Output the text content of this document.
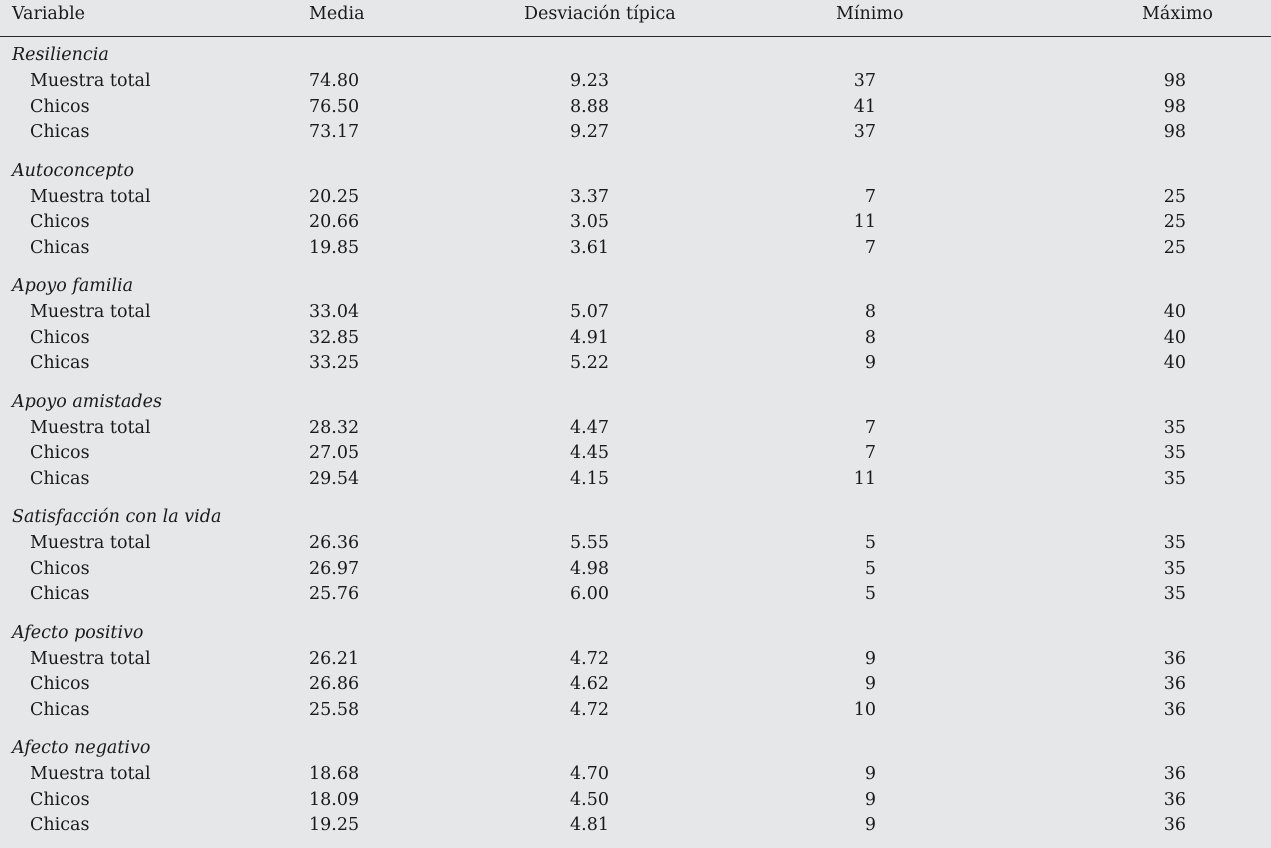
Variable	Media	Desviación típica	Mínimo	Máximo
Resiliencia
Muestra total	74.80	9.23	37	98
Chicos	76.50	8.88	41	98
Chicas	73.17	9.27	37	98
Autoconcepto
Muestra total	20.25	3.37	7	25
Chicos	20.66	3.05	11	25
Chicas	19.85	3.61	7	25
Apoyo familia
Muestra total	33.04	5.07	8	40
Chicos	32.85	4.91	8	40
Chicas	33.25	5.22	9	40
Apoyo amistades
Muestra total	28.32	4.47	7	35
Chicos	27.05	4.45	7	35
Chicas	29.54	4.15	11	35
Satisfacción con la vida
Muestra total	26.36	5.55	5	35
Chicos	26.97	4.98	5	35
Chicas	25.76	6.00	5	35
Afecto positivo
Muestra total	26.21	4.72	9	36
Chicos	26.86	4.62	9	36
Chicas	25.58	4.72	10	36
Afecto negativo
Muestra total	18.68	4.70	9	36
Chicos	18.09	4.50	9	36
Chicas	19.25	4.81	9	36
